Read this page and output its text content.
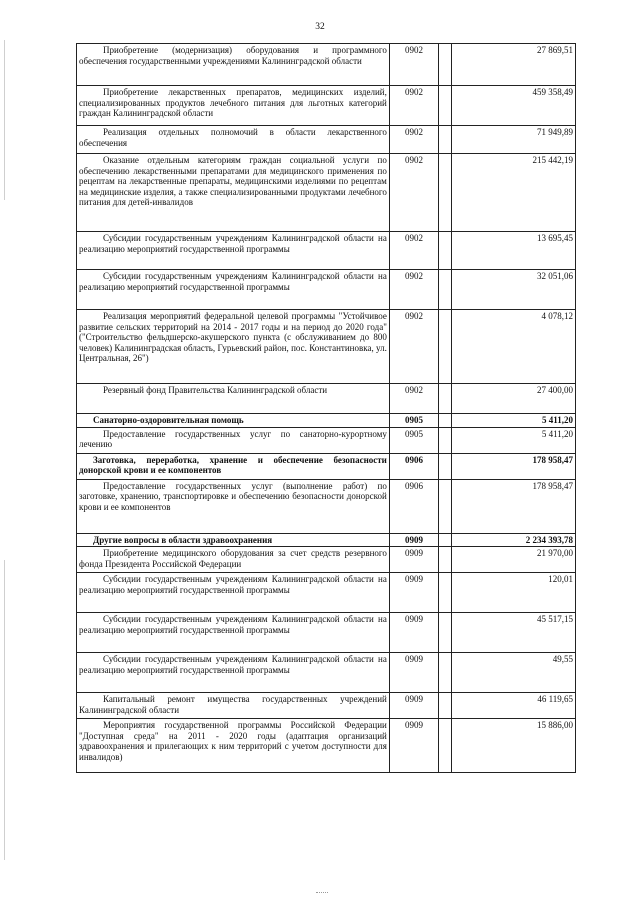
32
Приобретение (модернизация) оборудования и программного обеспечения государственными учреждениями Калининградской области	0902		27 869,51

Приобретение лекарственных препаратов, медицинских изделий, специализированных продуктов лечебного питания для льготных категорий граждан Калининградской области	0902		459 358,49

Реализация отдельных полномочий в области лекарственного обеспечения	0902		71 949,89

Оказание отдельным категориям граждан социальной услуги по обеспечению лекарственными препаратами для медицинского применения по рецептам на лекарственные препараты, медицинскими изделиями по рецептам на медицинские изделия, а также специализированными продуктами лечебного питания для детей-инвалидов	0902		215 442,19

Субсидии государственным учреждениям Калининградской области на реализацию мероприятий государственной программы	0902		13 695,45

Субсидии государственным учреждениям Калининградской области на реализацию мероприятий государственной программы	0902		32 051,06

Реализация мероприятий федеральной целевой программы "Устойчивое развитие сельских территорий на 2014 - 2017 годы и на период до 2020 года" ("Строительство фельдшерско-акушерского пункта (с обслуживанием до 800 человек) Калининградская область, Гурьевский район, пос. Константиновка, ул. Центральная, 26")	0902		4 078,12

Резервный фонд Правительства Калининградской области	0902		27 400,00

Санаторно-оздоровительная помощь	0905		5 411,20

Предоставление государственных услуг по санаторно-курортному лечению	0905		5 411,20

Заготовка, переработка, хранение и обеспечение безопасности донорской крови и ее компонентов	0906		178 958,47

Предоставление государственных услуг (выполнение работ) по заготовке, хранению, транспортировке и обеспечению безопасности донорской крови и ее компонентов	0906		178 958,47

Другие вопросы в области здравоохранения	0909		2 234 393,78

Приобретение медицинского оборудования за счет средств резервного фонда Президента Российской Федерации	0909		21 970,00

Субсидии государственным учреждениям Калининградской области на реализацию мероприятий государственной программы	0909		120,01

Субсидии государственным учреждениям Калининградской области на реализацию мероприятий государственной программы	0909		45 517,15

Субсидии государственным учреждениям Калининградской области на реализацию мероприятий государственной программы	0909		49,55

Капитальный ремонт имущества государственных учреждений Калининградской области	0909		46 119,65

Мероприятия государственной программы Российской Федерации "Доступная среда" на 2011 - 2020 годы (адаптация организаций здравоохранения и прилегающих к ним территорий с учетом доступности для инвалидов)	0909		15 886,00
